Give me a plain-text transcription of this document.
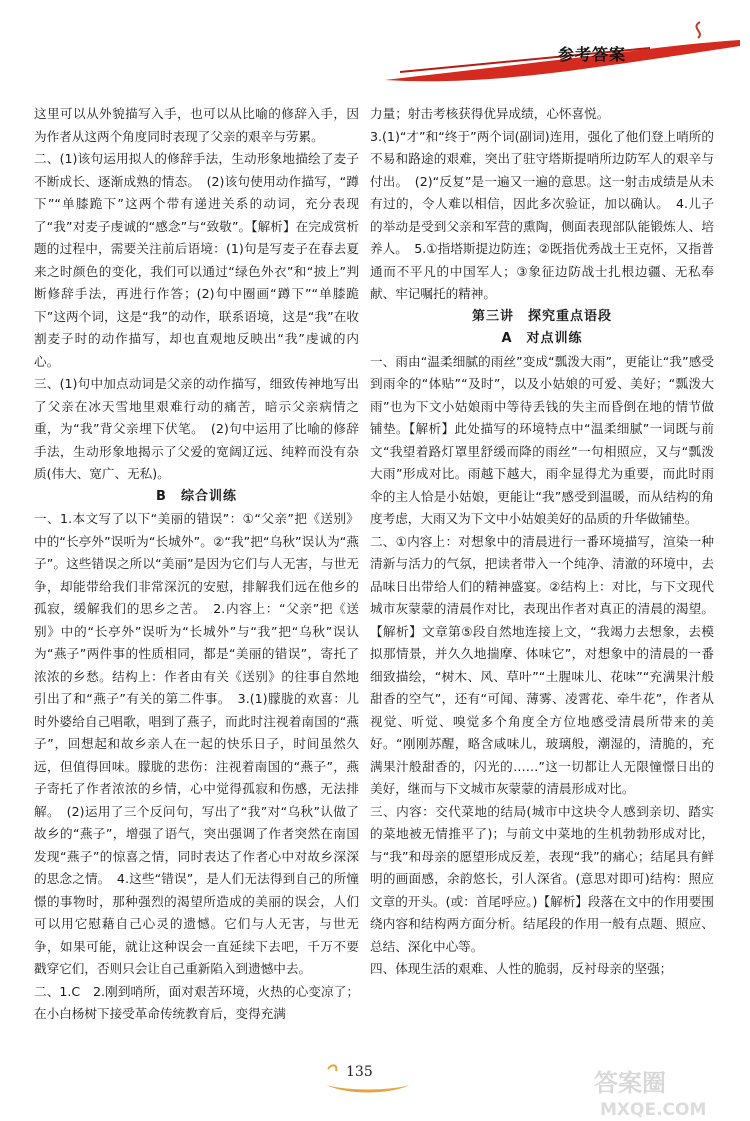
参考答案

这里可以从外貌描写入手，也可以从比喻的修辞入手，因为作者从这两个角度同时表现了父亲的艰辛与劳累。

二、(1)该句运用拟人的修辞手法，生动形象地描绘了麦子不断成长、逐渐成熟的情态。　(2)该句使用动作描写，“蹲下”“单膝跪下”这两个带有递进关系的动词，充分表现了“我”对麦子虔诚的“感念”与“致敬”。【解析】在完成赏析题的过程中，需要关注前后语境：(1)句是写麦子在春去夏来之时颜色的变化，我们可以通过“绿色外衣”和“披上”判断修辞手法，再进行作答；(2)句中圈画“蹲下”“单膝跪下”这两个词，这是“我”的动作，联系语境，这是“我”在收割麦子时的动作描写，却也直观地反映出“我”虔诚的内心。

三、(1)句中加点动词是父亲的动作描写，细致传神地写出了父亲在冰天雪地里艰难行动的痛苦，暗示父亲病情之重，为“我”背父亲埋下伏笔。　(2)句中运用了比喻的修辞手法，生动形象地揭示了父爱的宽阔辽远、纯粹而没有杂质(伟大、宽广、无私)。

B　综合训练

一、1.本文写了以下“美丽的错误”：①“父亲”把《送别》中的“长亭外”误听为“长城外”。②“我”把“乌秋”误认为“燕子”。这些错误之所以“美丽”是因为它们与人无害，与世无争，却能带给我们非常深沉的安慰，排解我们远在他乡的孤寂，缓解我们的思乡之苦。　2.内容上：“父亲”把《送别》中的“长亭外”误听为“长城外”与“我”把“乌秋”误认为“燕子”两件事的性质相同，都是“美丽的错误”，寄托了浓浓的乡愁。结构上：作者由有关《送别》的往事自然地引出了和“燕子”有关的第二件事。　3.(1)朦胧的欢喜：儿时外婆给自己唱歌，唱到了燕子，而此时注视着南国的“燕子”，回想起和故乡亲人在一起的快乐日子，时间虽然久远，但值得回味。朦胧的悲伤：注视着南国的“燕子”，燕子寄托了作者浓浓的乡情，心中觉得孤寂和伤感，无法排解。　(2)运用了三个反问句，写出了“我”对“乌秋”认做了故乡的“燕子”，增强了语气，突出强调了作者突然在南国发现“燕子”的惊喜之情，同时表达了作者心中对故乡深深的思念之情。　4.这些“错误”，是人们无法得到自己的所憧憬的事物时，那种强烈的渴望所造成的美丽的误会，人们可以用它慰藉自己心灵的遗憾。它们与人无害，与世无争，如果可能，就让这种误会一直延续下去吧，千万不要戳穿它们，否则只会让自己重新陷入到遗憾中去。

二、1.C　2.刚到哨所，面对艰苦环境，火热的心变凉了；在小白杨树下接受革命传统教育后，变得充满

力量；射击考核获得优异成绩，心怀喜悦。

3.(1)“才”和“终于”两个词(副词)连用，强化了他们登上哨所的不易和路途的艰难，突出了驻守塔斯提哨所边防军人的艰辛与付出。　(2)“反复”是一遍又一遍的意思。这一射击成绩是从未有过的，令人难以相信，因此多次验证，加以确认。　4.儿子的举动是受到父亲和军营的熏陶，侧面表现部队能锻炼人、培养人。　5.①指塔斯提边防连；②既指优秀战士王克怀，又指普通而不平凡的中国军人；③象征边防战士扎根边疆、无私奉献、牢记嘱托的精神。

第三讲　探究重点语段

A　对点训练

一、雨由“温柔细腻的雨丝”变成“瓢泼大雨”，更能让“我”感受到雨伞的“体贴”“及时”，以及小姑娘的可爱、美好；“瓢泼大雨”也为下文小姑娘雨中等待丢钱的失主而昏倒在地的情节做铺垫。【解析】此处描写的环境特点中“温柔细腻”一词既与前文“我望着路灯罩里舒缓而降的雨丝”一句相照应，又与“瓢泼大雨”形成对比。雨越下越大，雨伞显得尤为重要，而此时雨伞的主人恰是小姑娘，更能让“我”感受到温暖，而从结构的角度考虑，大雨又为下文中小姑娘美好的品质的升华做铺垫。

二、①内容上：对想象中的清晨进行一番环境描写，渲染一种清新与活力的气氛，把读者带入一个纯净、清澈的环境中，去品味日出带给人们的精神盛宴。②结构上：对比，与下文现代城市灰蒙蒙的清晨作对比，表现出作者对真正的清晨的渴望。【解析】文章第⑤段自然地连接上文，“我竭力去想象，去模拟那情景，并久久地揣摩、体味它”，对想象中的清晨的一番细致描绘，“树木、风、草叶”“土腥味儿、花味”“充满果汁般甜香的空气”，还有“可闻、薄雾、凌霄花、牵牛花”，作者从视觉、听觉、嗅觉多个角度全方位地感受清晨所带来的美好。“刚刚苏醒，略含咸味儿，玻璃般，潮湿的，清脆的，充满果汁般甜香的，闪光的……”这一切都让人无限憧憬日出的美好，继而与下文城市灰蒙蒙的清晨形成对比。

三、内容：交代菜地的结局(城市中这块令人感到亲切、踏实的菜地被无情推平了)；与前文中菜地的生机勃勃形成对比，与“我”和母亲的愿望形成反差，表现“我”的痛心；结尾具有鲜明的画面感，余韵悠长，引人深省。(意思对即可)结构：照应文章的开头。(或：首尾呼应。)【解析】段落在文中的作用要围绕内容和结构两方面分析。结尾段的作用一般有点题、照应、总结、深化中心等。

四、体现生活的艰难、人性的脆弱，反衬母亲的坚强；

135	答案圈
MXQE.COM
